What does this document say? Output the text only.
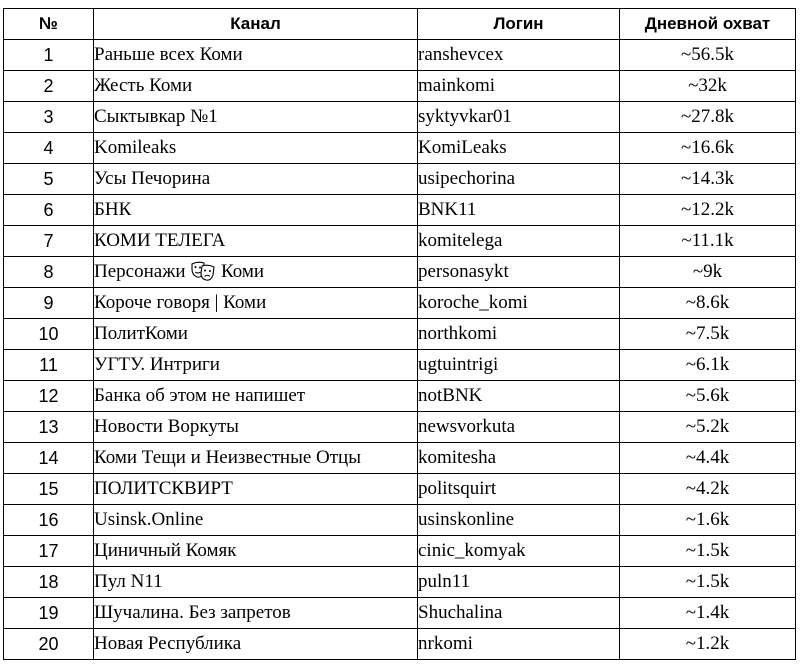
№	Канал	Логин	Дневной охват
1	Раньше всех Коми	ranshevcex	~56.5k
2	Жесть Коми	mainkomi	~32k
3	Сыктывкар №1	syktyvkar01	~27.8k
4	Komileaks	KomiLeaks	~16.6k
5	Усы Печорина	usipechorina	~14.3k
6	БНК	BNK11	~12.2k
7	КОМИ ТЕЛЕГА	komitelega	~11.1k
8	Персонажи Коми	personasykt	~9k
9	Короче говоря | Коми	koroche_komi	~8.6k
10	ПолитКоми	northkomi	~7.5k
11	УГТУ. Интриги	ugtuintrigi	~6.1k
12	Банка об этом не напишет	notBNK	~5.6k
13	Новости Воркуты	newsvorkuta	~5.2k
14	Коми Тещи и Неизвестные Отцы	komitesha	~4.4k
15	ПОЛИТСКВИРТ	politsquirt	~4.2k
16	Usinsk.Online	usinskonline	~1.6k
17	Циничный Комяк	cinic_komyak	~1.5k
18	Пул N11	puln11	~1.5k
19	Шучалина. Без запретов	Shuchalina	~1.4k
20	Новая Республика	nrkomi	~1.2k
